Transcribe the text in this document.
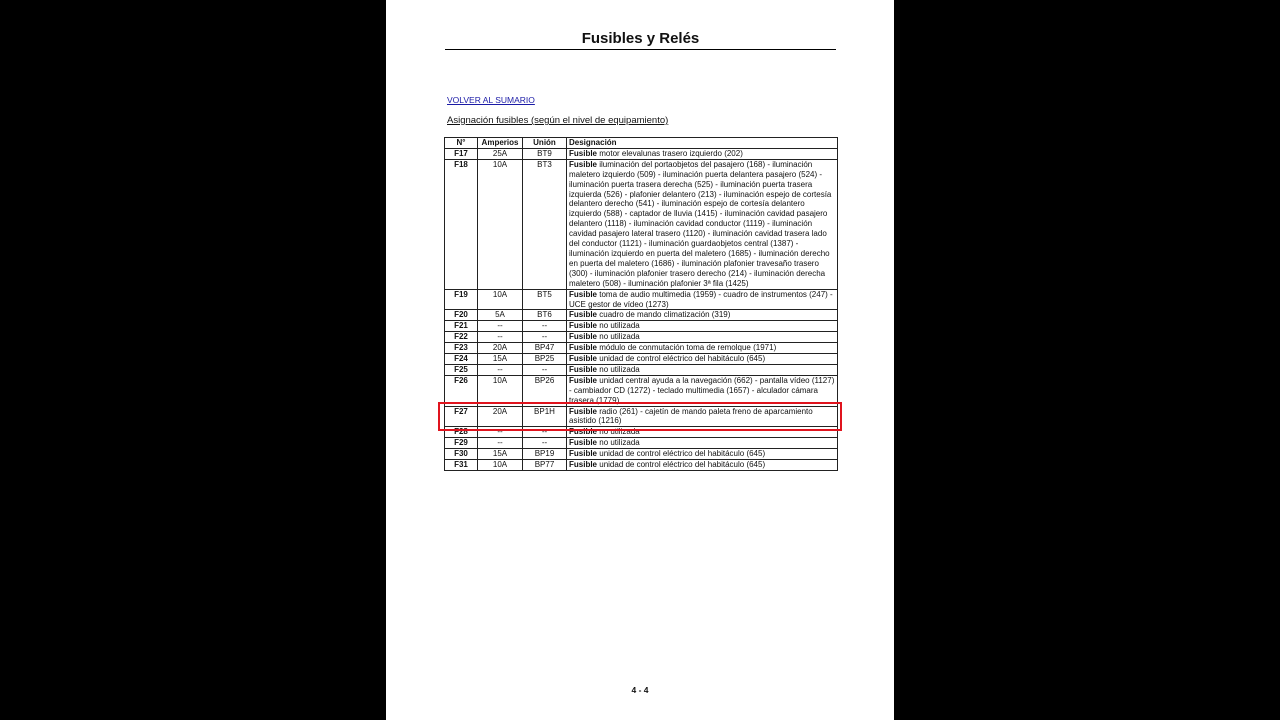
Fusibles y Relés
VOLVER AL SUMARIO
Asignación fusibles (según el nivel de equipamiento)
N°	Amperios	Unión	Designación
F17	25A	BT9	Fusible motor elevalunas trasero izquierdo (202)
F18	10A	BT3	Fusible iluminación del portaobjetos del pasajero (168) - iluminación maletero izquierdo (509) - iluminación puerta delantera pasajero (524) - iluminación puerta trasera derecha (525) - iluminación puerta trasera izquierda (526) - plafonier delantero (213) - iluminación espejo de cortesía delantero derecho (541) - iluminación espejo de cortesía delantero izquierdo (588) - captador de lluvia (1415) - iluminación cavidad pasajero delantero (1118) - iluminación cavidad conductor (1119) - iluminación cavidad pasajero lateral trasero (1120) - iluminación cavidad trasera lado del conductor (1121) - iluminación guardaobjetos central (1387) - iluminación izquierdo en puerta del maletero (1685) - iluminación derecho en puerta del maletero (1686) - iluminación plafonier travesaño trasero (300) - iluminación plafonier trasero derecho (214) - iluminación derecha maletero (508) - iluminación plafonier 3ª fila (1425)
F19	10A	BT5	Fusible toma de audio multimedia (1959) - cuadro de instrumentos (247) - UCE gestor de vídeo (1273)
F20	5A	BT6	Fusible cuadro de mando climatización (319)
F21	--	--	Fusible no utilizada
F22	--	--	Fusible no utilizada
F23	20A	BP47	Fusible módulo de conmutación toma de remolque (1971)
F24	15A	BP25	Fusible unidad de control eléctrico del habitáculo (645)
F25	--	--	Fusible no utilizada
F26	10A	BP26	Fusible unidad central ayuda a la navegación (662) - pantalla vídeo (1127) - cambiador CD (1272) - teclado multimedia (1657) - alculador cámara trasera (1779)
F27	20A	BP1H	Fusible radio (261) - cajetín de mando paleta freno de aparcamiento asistido (1216)
F28	--	--	Fusible no utilizada
F29	--	--	Fusible no utilizada
F30	15A	BP19	Fusible unidad de control eléctrico del habitáculo (645)
F31	10A	BP77	Fusible unidad de control eléctrico del habitáculo (645)
4 - 4
